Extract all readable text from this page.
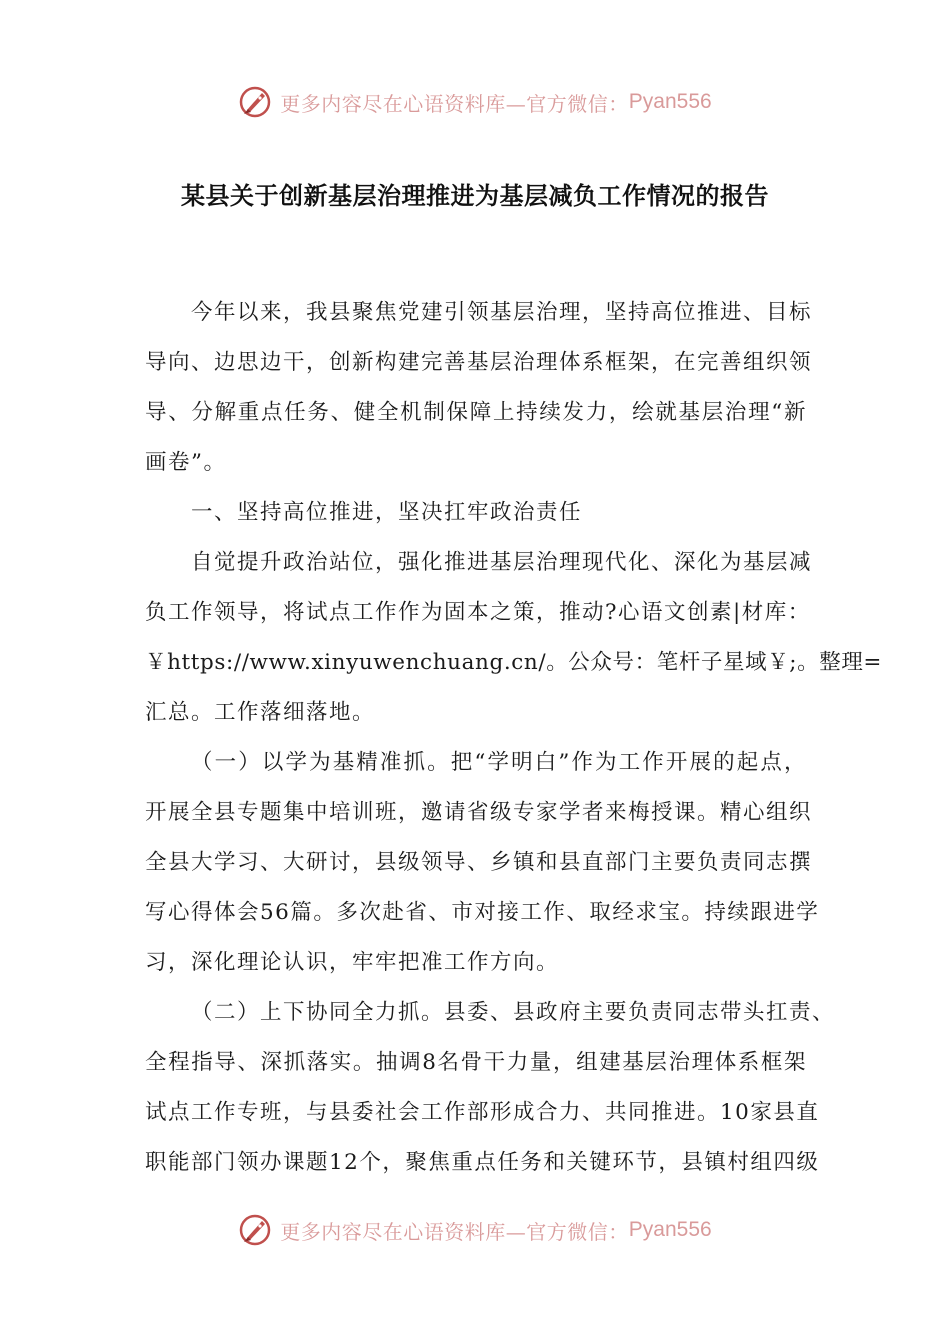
更多内容尽在心语资料库—官方微信： Pyan556
某县关于创新基层治理推进为基层减负工作情况的报告
今年以来，我县聚焦党建引领基层治理，坚持高位推进、目标
导向、边思边干，创新构建完善基层治理体系框架，在完善组织领
导、分解重点任务、健全机制保障上持续发力，绘就基层治理“新
画卷”。
一、坚持高位推进，坚决扛牢政治责任
自觉提升政治站位，强化推进基层治理现代化、深化为基层减
负工作领导，将试点工作作为固本之策，推动?心语文创素|材库：
￥https://www.xinyuwenchuang.cn/。公众号：笔杆子星域￥;。整理=
汇总。工作落细落地。
（一）以学为基精准抓。把“学明白”作为工作开展的起点，
开展全县专题集中培训班，邀请省级专家学者来梅授课。精心组织
全县大学习、大研讨，县级领导、乡镇和县直部门主要负责同志撰
写心得体会56篇。多次赴省、市对接工作、取经求宝。持续跟进学
习，深化理论认识，牢牢把准工作方向。
（二）上下协同全力抓。县委、县政府主要负责同志带头扛责、
全程指导、深抓落实。抽调8名骨干力量，组建基层治理体系框架
试点工作专班，与县委社会工作部形成合力、共同推进。10家县直
职能部门领办课题12个，聚焦重点任务和关键环节，县镇村组四级
更多内容尽在心语资料库—官方微信： Pyan556
